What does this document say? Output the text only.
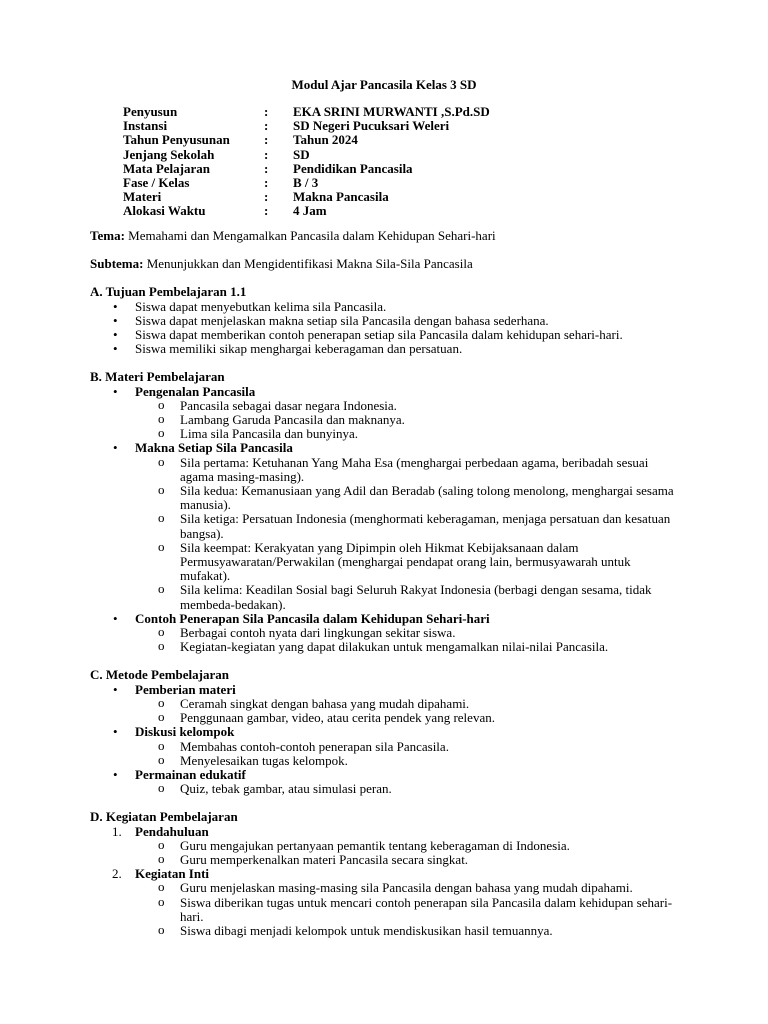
Modul Ajar Pancasila Kelas 3 SD
Penyusun	:	EKA SRINI MURWANTI ,S.Pd.SD
Instansi	:	SD Negeri Pucuksari Weleri
Tahun Penyusunan	:	Tahun 2024
Jenjang Sekolah	:	SD
Mata Pelajaran	:	Pendidikan Pancasila
Fase / Kelas	:	B / 3
Materi	:	Makna Pancasila
Alokasi Waktu	:	4 Jam

Tema: Memahami dan Mengamalkan Pancasila dalam Kehidupan Sehari-hari

Subtema: Menunjukkan dan Mengidentifikasi Makna Sila-Sila Pancasila

A. Tujuan Pembelajaran 1.1

• Siswa dapat menyebutkan kelima sila Pancasila.
• Siswa dapat menjelaskan makna setiap sila Pancasila dengan bahasa sederhana.
• Siswa dapat memberikan contoh penerapan setiap sila Pancasila dalam kehidupan sehari-hari.
• Siswa memiliki sikap menghargai keberagaman dan persatuan.

B. Materi Pembelajaran

• Pengenalan Pancasila
o Pancasila sebagai dasar negara Indonesia.
o Lambang Garuda Pancasila dan maknanya.
o Lima sila Pancasila dan bunyinya.
• Makna Setiap Sila Pancasila
o Sila pertama: Ketuhanan Yang Maha Esa (menghargai perbedaan agama, beribadah sesuai agama masing-masing).
o Sila kedua: Kemanusiaan yang Adil dan Beradab (saling tolong menolong, menghargai sesama manusia).
o Sila ketiga: Persatuan Indonesia (menghormati keberagaman, menjaga persatuan dan kesatuan bangsa).
o Sila keempat: Kerakyatan yang Dipimpin oleh Hikmat Kebijaksanaan dalam Permusyawaratan/Perwakilan (menghargai pendapat orang lain, bermusyawarah untuk mufakat).
o Sila kelima: Keadilan Sosial bagi Seluruh Rakyat Indonesia (berbagi dengan sesama, tidak membeda-bedakan).
• Contoh Penerapan Sila Pancasila dalam Kehidupan Sehari-hari
o Berbagai contoh nyata dari lingkungan sekitar siswa.
o Kegiatan-kegiatan yang dapat dilakukan untuk mengamalkan nilai-nilai Pancasila.

C. Metode Pembelajaran

• Pemberian materi
o Ceramah singkat dengan bahasa yang mudah dipahami.
o Penggunaan gambar, video, atau cerita pendek yang relevan.
• Diskusi kelompok
o Membahas contoh-contoh penerapan sila Pancasila.
o Menyelesaikan tugas kelompok.
• Permainan edukatif
o Quiz, tebak gambar, atau simulasi peran.

D. Kegiatan Pembelajaran

1. Pendahuluan
o Guru mengajukan pertanyaan pemantik tentang keberagaman di Indonesia.
o Guru memperkenalkan materi Pancasila secara singkat.
2. Kegiatan Inti
o Guru menjelaskan masing-masing sila Pancasila dengan bahasa yang mudah dipahami.
o Siswa diberikan tugas untuk mencari contoh penerapan sila Pancasila dalam kehidupan sehari-hari.
o Siswa dibagi menjadi kelompok untuk mendiskusikan hasil temuannya.
